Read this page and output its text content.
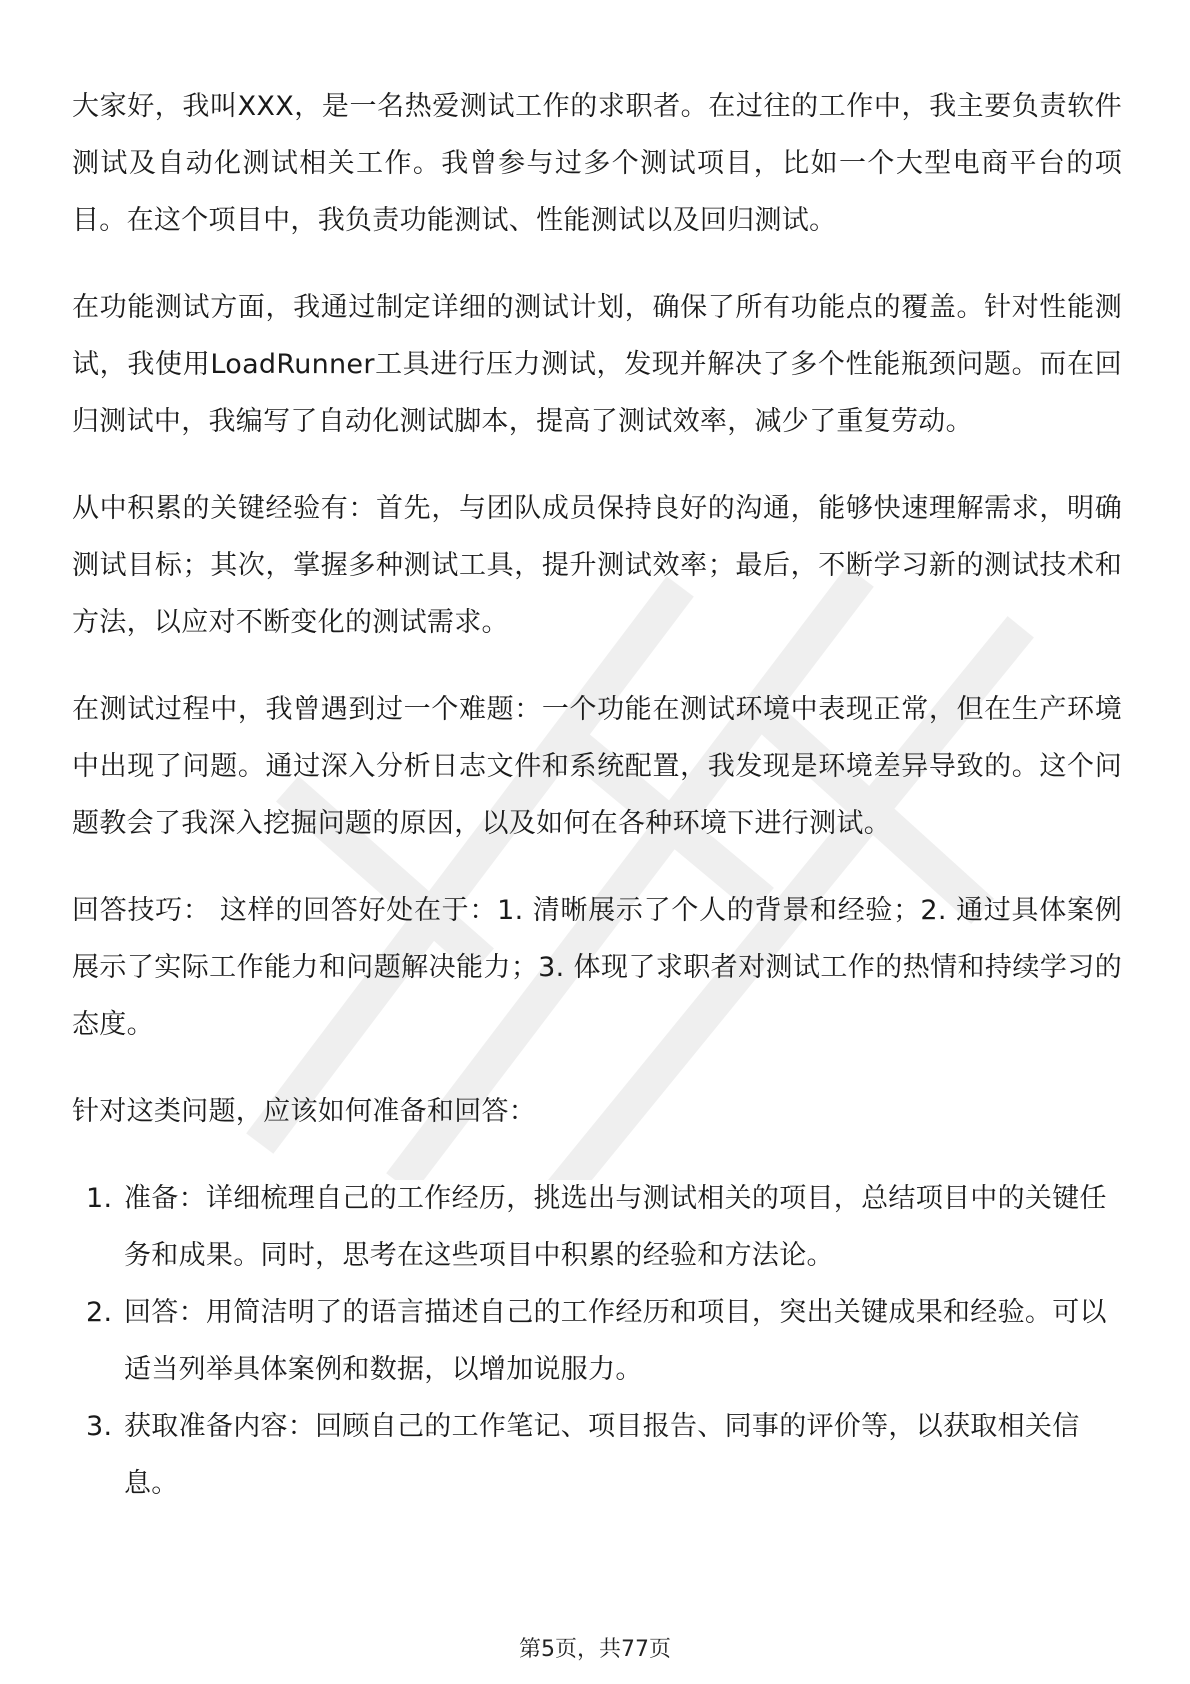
大家好，我叫XXX，是一名热爱测试工作的求职者。在过往的工作中，我主要负责软件测试及自动化测试相关工作。我曾参与过多个测试项目，比如一个大型电商平台的项目。在这个项目中，我负责功能测试、性能测试以及回归测试。

在功能测试方面，我通过制定详细的测试计划，确保了所有功能点的覆盖。针对性能测试，我使用LoadRunner工具进行压力测试，发现并解决了多个性能瓶颈问题。而在回归测试中，我编写了自动化测试脚本，提高了测试效率，减少了重复劳动。

从中积累的关键经验有：首先，与团队成员保持良好的沟通，能够快速理解需求，明确测试目标；其次，掌握多种测试工具，提升测试效率；最后，不断学习新的测试技术和方法，以应对不断变化的测试需求。

在测试过程中，我曾遇到过一个难题：一个功能在测试环境中表现正常，但在生产环境中出现了问题。通过深入分析日志文件和系统配置，我发现是环境差异导致的。这个问题教会了我深入挖掘问题的原因，以及如何在各种环境下进行测试。

回答技巧： 这样的回答好处在于：1. 清晰展示了个人的背景和经验；2. 通过具体案例展示了实际工作能力和问题解决能力；3. 体现了求职者对测试工作的热情和持续学习的态度。

针对这类问题，应该如何准备和回答：

1. 准备：详细梳理自己的工作经历，挑选出与测试相关的项目，总结项目中的关键任务和成果。同时，思考在这些项目中积累的经验和方法论。
2. 回答：用简洁明了的语言描述自己的工作经历和项目，突出关键成果和经验。可以适当列举具体案例和数据，以增加说服力。
3. 获取准备内容：回顾自己的工作笔记、项目报告、同事的评价等，以获取相关信息。
第5页，共77页
